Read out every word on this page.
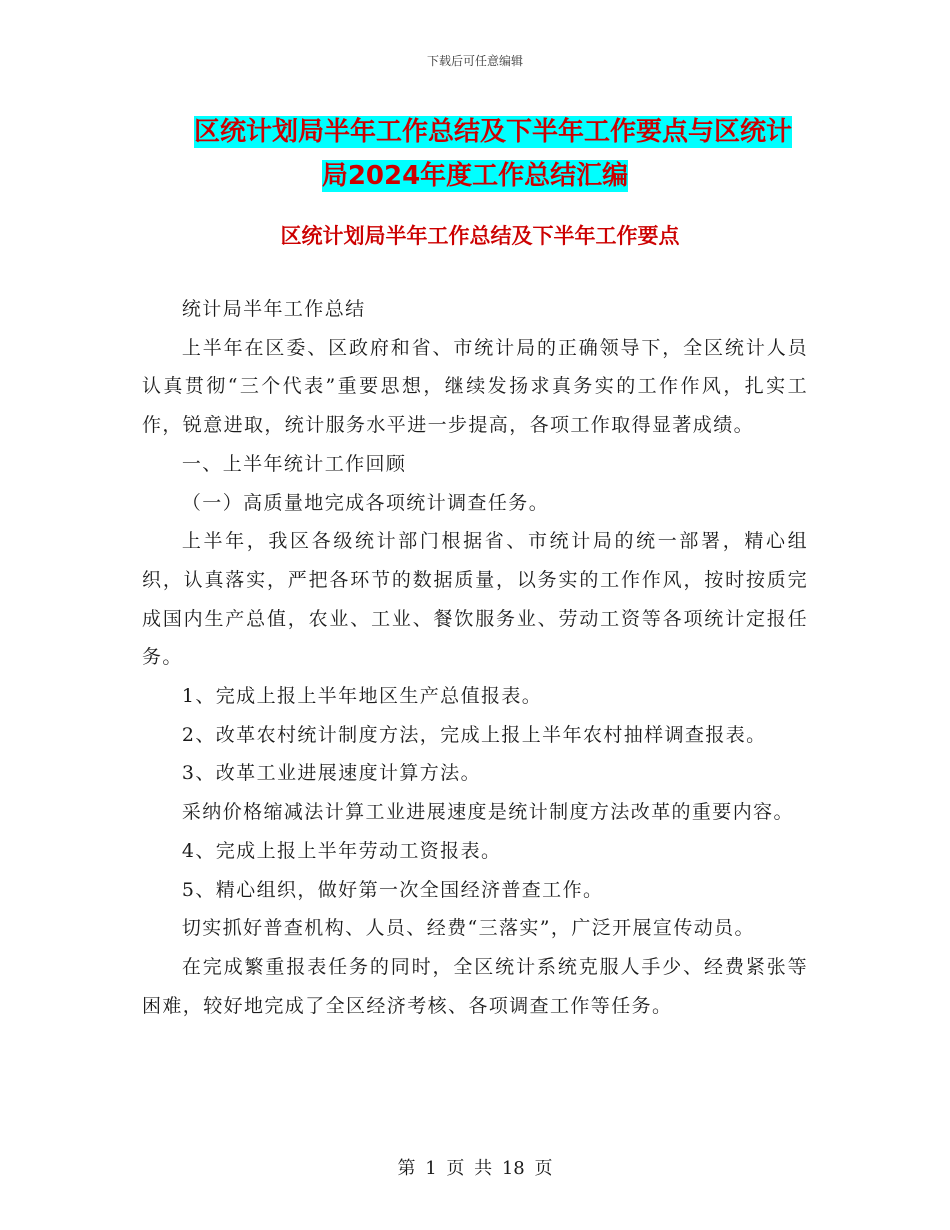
下载后可任意编辑
区统计划局半年工作总结及下半年工作要点与区统计
局2024年度工作总结汇编
区统计划局半年工作总结及下半年工作要点

统计局半年工作总结

上半年在区委、区政府和省、市统计局的正确领导下，全区统计人员认真贯彻“三个代表”重要思想，继续发扬求真务实的工作作风，扎实工作，锐意进取，统计服务水平进一步提高，各项工作取得显著成绩。

一、上半年统计工作回顾

（一）高质量地完成各项统计调查任务。

上半年，我区各级统计部门根据省、市统计局的统一部署，精心组织，认真落实，严把各环节的数据质量，以务实的工作作风，按时按质完成国内生产总值，农业、工业、餐饮服务业、劳动工资等各项统计定报任务。

1、完成上报上半年地区生产总值报表。

2、改革农村统计制度方法，完成上报上半年农村抽样调查报表。

3、改革工业进展速度计算方法。

采纳价格缩减法计算工业进展速度是统计制度方法改革的重要内容。

4、完成上报上半年劳动工资报表。

5、精心组织，做好第一次全国经济普查工作。

切实抓好普查机构、人员、经费“三落实”，广泛开展宣传动员。

在完成繁重报表任务的同时，全区统计系统克服人手少、经费紧张等困难，较好地完成了全区经济考核、各项调查工作等任务。

第 1 页 共 18 页
